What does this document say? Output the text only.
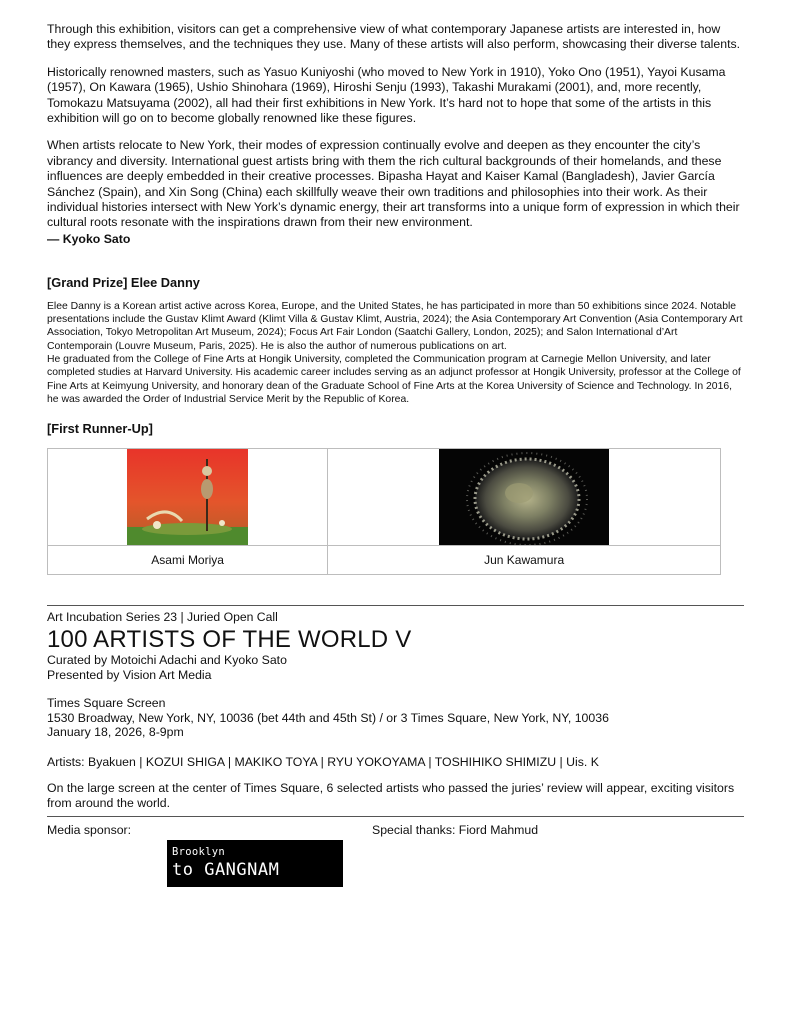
Through this exhibition, visitors can get a comprehensive view of what contemporary Japanese artists are interested in, how they express themselves, and the techniques they use. Many of these artists will also perform, showcasing their diverse talents.

Historically renowned masters, such as Yasuo Kuniyoshi (who moved to New York in 1910), Yoko Ono (1951), Yayoi Kusama (1957), On Kawara (1965), Ushio Shinohara (1969), Hiroshi Senju (1993), Takashi Murakami (2001), and, more recently, Tomokazu Matsuyama (2002), all had their first exhibitions in New York. It’s hard not to hope that some of the artists in this exhibition will go on to become globally renowned like these figures.

When artists relocate to New York, their modes of expression continually evolve and deepen as they encounter the city’s vibrancy and diversity. International guest artists bring with them the rich cultural backgrounds of their homelands, and these influences are deeply embedded in their creative processes. Bipasha Hayat and Kaiser Kamal (Bangladesh), Javier García Sánchez (Spain), and Xin Song (China) each skillfully weave their own traditions and philosophies into their work. As their individual histories intersect with New York’s dynamic energy, their art transforms into a unique form of expression in which their cultural roots resonate with the inspirations drawn from their new environment.

— Kyoko Sato

[Grand Prize] Elee Danny

Elee Danny is a Korean artist active across Korea, Europe, and the United States, he has participated in more than 50 exhibitions since 2024. Notable presentations include the Gustav Klimt Award (Klimt Villa & Gustav Klimt, Austria, 2024); the Asia Contemporary Art Convention (Asia Contemporary Art Association, Tokyo Metropolitan Art Museum, 2024); Focus Art Fair London (Saatchi Gallery, London, 2025); and Salon International d’Art Contemporain (Louvre Museum, Paris, 2025). He is also the author of numerous publications on art.

He graduated from the College of Fine Arts at Hongik University, completed the Communication program at Carnegie Mellon University, and later completed studies at Harvard University. His academic career includes serving as an adjunct professor at Hongik University, professor at the College of Fine Arts at Keimyung University, and honorary dean of the Graduate School of Fine Arts at the Korea University of Science and Technology. In 2016, he was awarded the Order of Industrial Service Merit by the Republic of Korea.

[First Runner-Up]

Asami Moriya	Jun Kawamura

Art Incubation Series 23 | Juried Open Call

100 ARTISTS OF THE WORLD V

Curated by Motoichi Adachi and Kyoko Sato

Presented by Vision Art Media

Times Square Screen

1530 Broadway, New York, NY, 10036 (bet 44th and 45th St) / or 3 Times Square, New York, NY, 10036

January 18, 2026, 8-9pm

Artists: Byakuen | KOZUI SHIGA | MAKIKO TOYA | RYU YOKOYAMA | TOSHIHIKO SHIMIZU | Uis. K

On the large screen at the center of Times Square, 6 selected artists who passed the juries’ review will appear, exciting visitors from around the world.

Media sponsor:	Special thanks: Fiord Mahmud
Brooklyn
to GANGNAM
